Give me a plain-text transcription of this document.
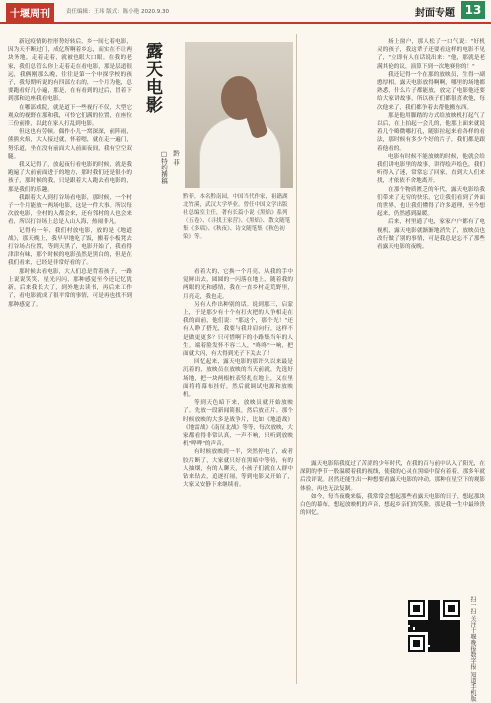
十堰周刊	责任编辑：王玮 版式：陈小艳 2020.9.30	封面专题 13

新冠疫情防控形势好转后，乡一间七着电影，因为天不断过门，成亿所啊着乡忘，而实在不让两块务地。走着走着，就被也眼大口眼。在我的老家，我们总管么你上走着走在看电影，那是层道很远，我俩刚那么晚，往往是第一个申探学校的孩子，我每期听说的有四部左右的，一个月为他，总要跑看好几小遍，那是，在有看到的过后，冒着下到那和边座我看电影。

在哪部戏院，就是道下一些视行不仅，大型它观众的视野在那和我，可怜它们满的位置，在座位三份前排，以此在家人打乱到电影。

但这也有劳顿。偶作小儿一窝深深，前阵雨，熊熊火焰，大人接过就，怀着嗯，就在走一遍门，努乐道，坐在没有前面大人前面夜间，我有空空双腿。

我又记得了，放起夜行看电影的时候，就是我跑遍了大前前面进于的地方，那时我们还是很小的孩子，那时候的我，只是跟着大人跑去看电影的，那是我们的乐趣。

我跟着大人到打谷场看电影，那时候，一个村子一个月能放一两场电影，这是一件大事。所以每次放电影，全村的人都会来，还有邻村的人也会来看，所以打谷场上总是人山人海，热闹非凡。

记得有一年，我们村放电影，放的是《地道战》，那天晚上，我早早地吃了饭，搬着小板凳去打谷场占位置，等到天黑了，电影开始了，我看得津津有味，那个时候的电影虽然是黑白的，但是在我们看来，已经是非常好看的了。

那时候去看电影，大人们总是背着孩子，一路上说说笑笑，星光闪闪，那种感觉至今还记忆犹新。后来我长大了，到外地去读书，再后来工作了，看电影就成了很平常的事情，可是再也找不到那种感觉了。

露天电影
□特约撰稿 黔 菲
黔菲，本名黔南园，中国当代作家，祖籍湖北竹溪，武汉大学毕业。曾任中国文学出版社总编室主任，著有长篇小说《黑焰》系列（五卷）、《寻找王家营》、《黑焰》、散文随笔集《多瑙》、《秋夜》、诗文随笔集《秋色初染》等。

看着大的，它换一个月亮，从我的手中觉鲜出去，圆圆的一闪落在地上，随着我的两眼的光和感情，我在一直乡村走荒野里，月亮走，我也走。

另有人作出种别的话。说到那三，启蒙上，于是那少有十个有打火把的人争相走在我的面前，他们说："那这个，那个光！"还有人睁了搭光，我要与我并肩向行，这样不是做更更多？只可惜啊下的小路集当年的人生。端着脸发怀不容二人，"咚咚"一响，把面就大闪，有大得到光子下关去了！

回忆起来，露天电影的那许久以来最是沉着的，放映员在放映的当天前就，先选好场地，把一块两根桩表竖扎在地上，又在里面将将幕布挂好，然后就调试电源和放映机。

等到天色暗下来，放映员就开始放映了。先放一段新闻简报，然后放正片。那个时候放映的大多是战争片，比如《地道战》《地雷战》《南征北战》等等，每次放映，大家都看得非常认真，一声不响，只听到放映机"哗哗"的声音。

有时候放映到一半，突然停电了，或者胶片断了，大家就只好在黑暗中等待，有的人抽烟，有的人聊天，小孩子们就在人群中钻来钻去，追逐打闹，等到电影又开始了，大家又安静下来继续看。

扬上窗户，那人松了一口气说："好机灵的孩子，我这辈子还要看这样的电影不见了，"立即有人在话说出来："他，那就是老满其伦的议，演算下到一次地赛你的！"

我还记得一个在那的放映员，生得一副憨厚相，露天电影放得啊啊，哪里的场地都熟悉，什么片子都能放，放完了电影他还要给大家讲故事，所以孩子们都很喜欢他，每次他来了，我们都争着去帮他搬东西。

那是他用脚踏的方式给放映机打起气了以后，在上拍起一会儿的，他那上面来就说着几个略微哪打孔，随影拉起来看各样的看法，那时候有多少个好的片子，我们都是跟着他看的。

电影有时候不能放映的时候，他就会给我们讲电影里的故事，讲得绘声绘色，我们听得入了迷，常常忘了回家，直到大人们来找，才依依不舍地离开。

在那个物质匮乏的年代，露天电影给我们带来了无穷的快乐，它让我们看到了外面的世界，也让我们懂得了许多道理，至今想起来，仍然感到温暖。

后来，村里通了电，家家户户都有了电视机，露天电影就渐渐地消失了，放映员也改行做了别的事情，可是我总是忘不了那些看露天电影的夜晚。

露天电影陪我度过了苦涩的少年时代，在我的百与前中认入了阳光，在深阴的季节一股温暖着我的视线，使我的心灵在黑暗中留有着着，那多年就后没评说。居然还能生出一种想要看露天电影的冲动，那种在星空下的观影体验，再也无法复制。

如今，每当夜晚来临，我常常会想起那些看露天电影的日子，想起那块白色的幕布，想起放映机的声音，想起乡亲们的笑脸，那是我一生中最珍贵的回忆。

扫一扫 关注十堰晚报数字报 知道手机版
